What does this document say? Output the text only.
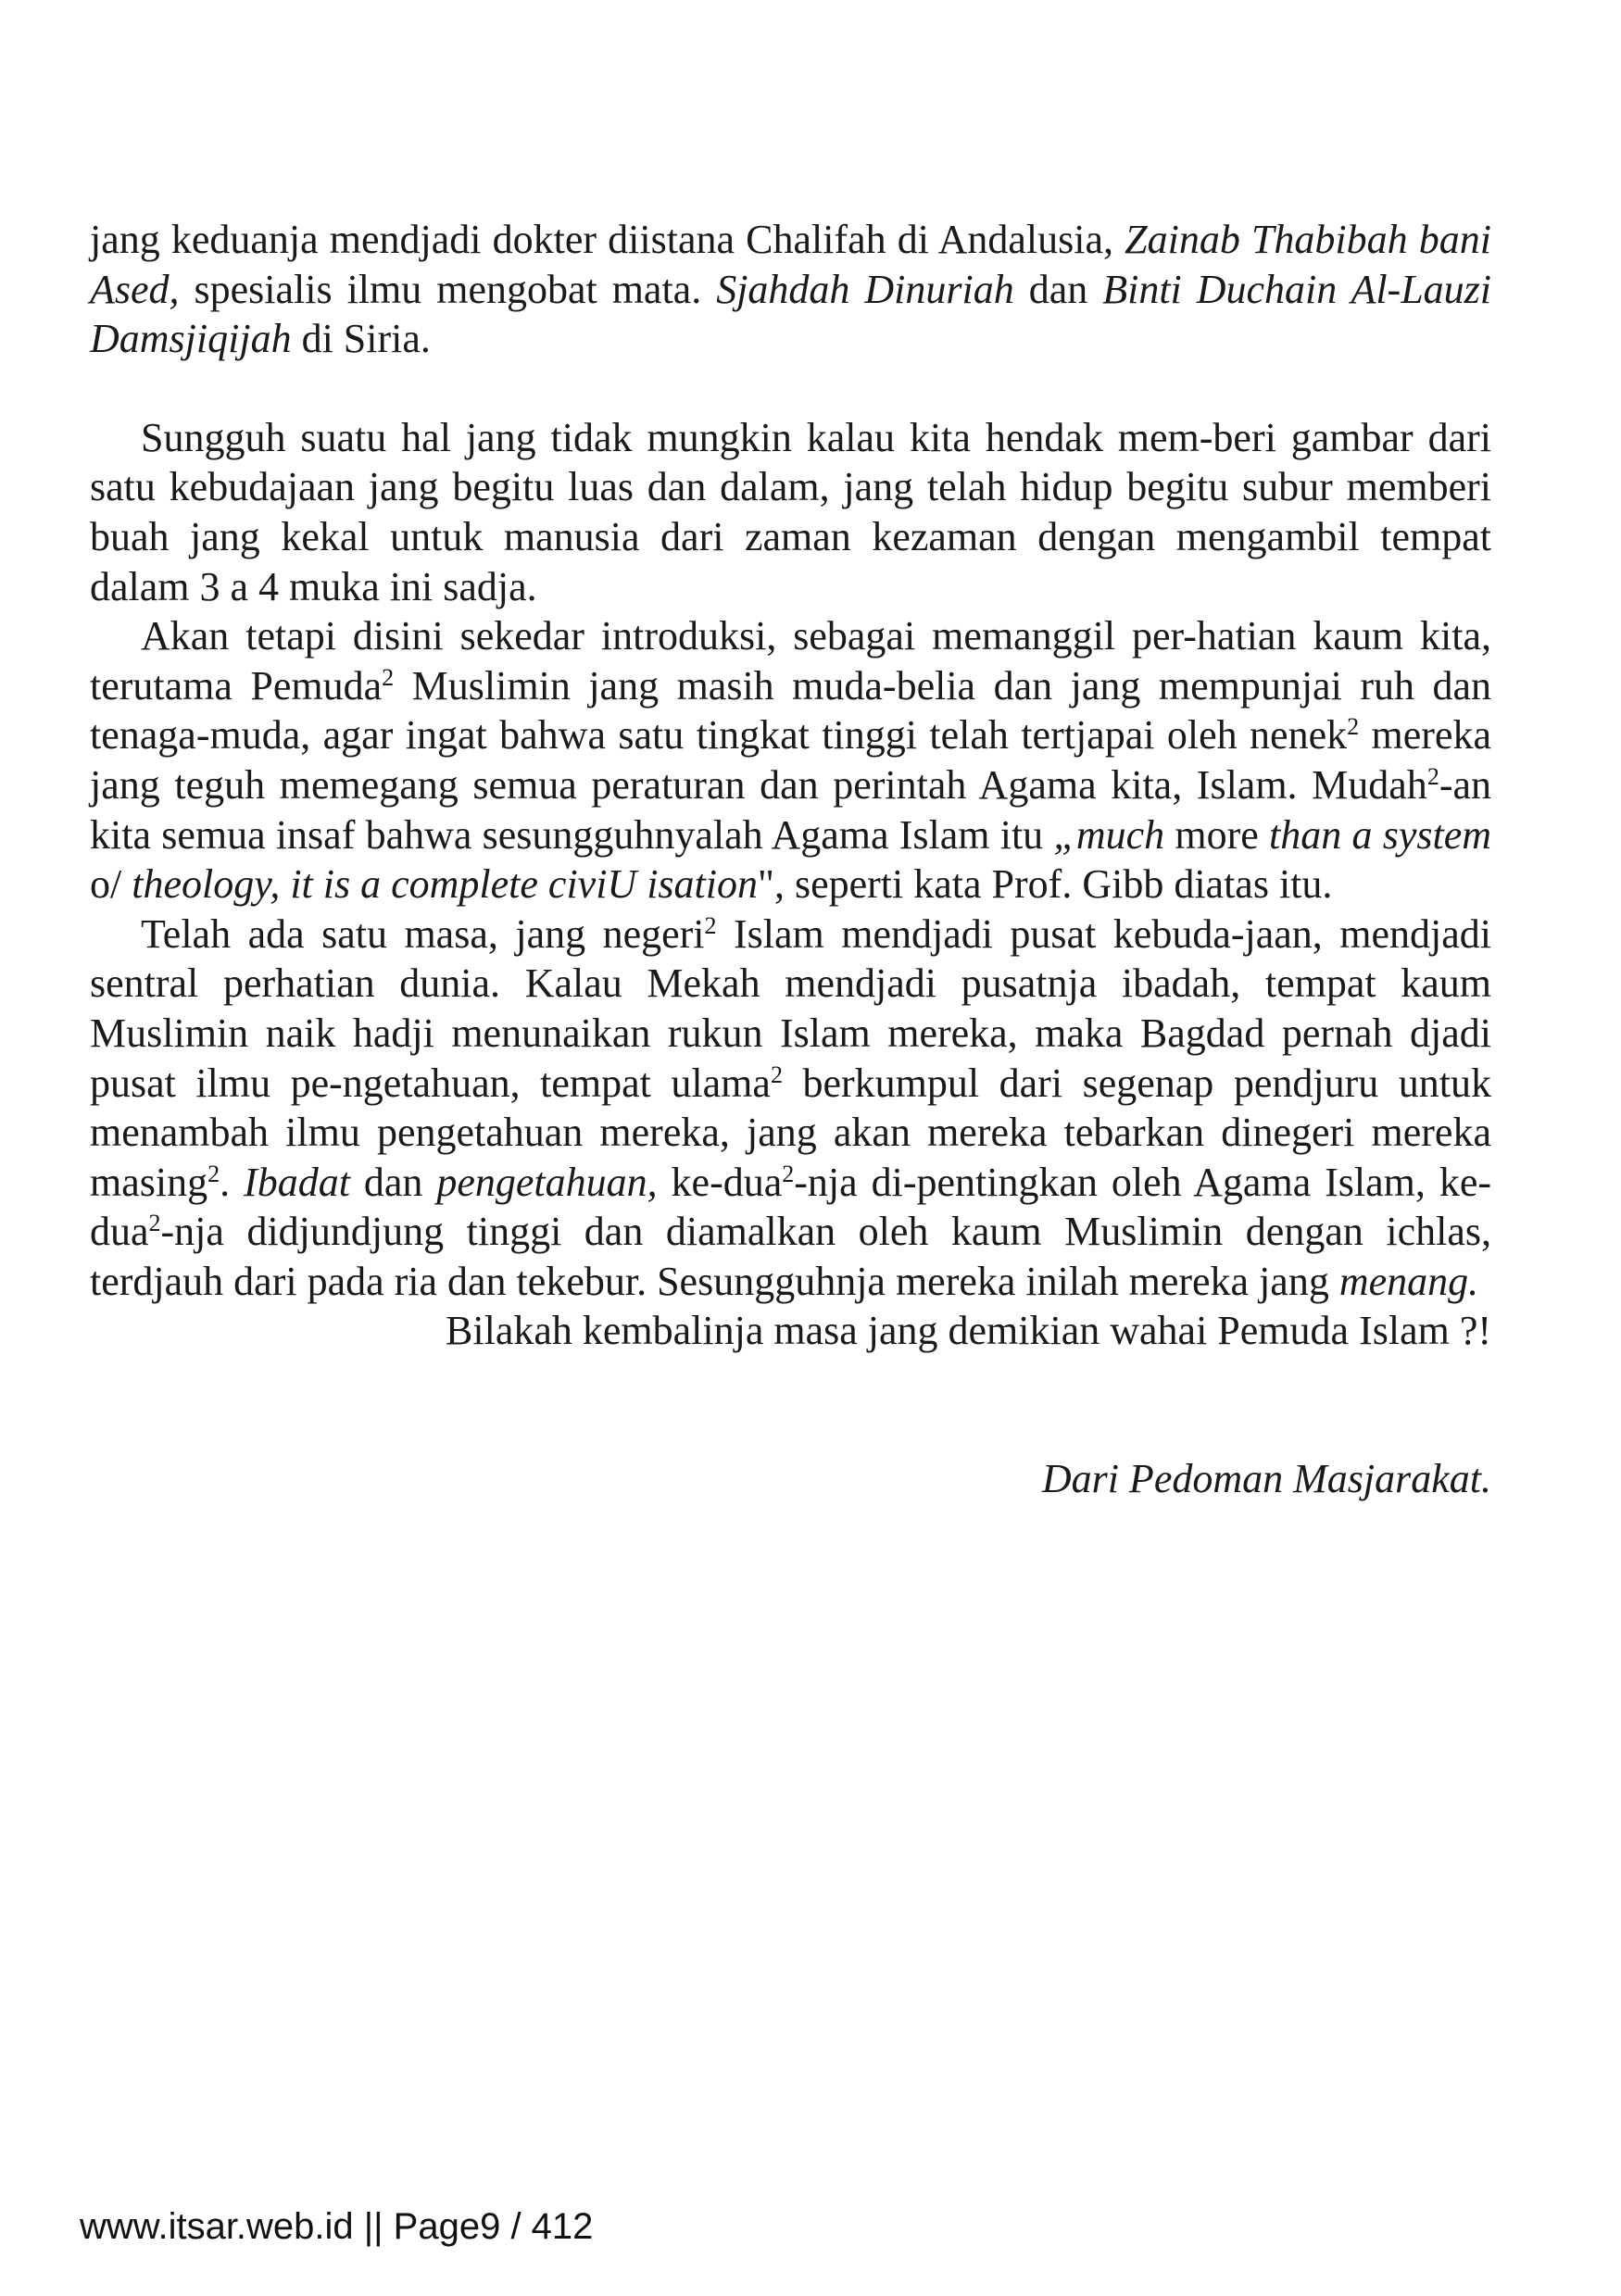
jang keduanja mendjadi dokter diistana Chalifah di Andalusia, Zainab Thabibah bani Ased, spesialis ilmu mengobat mata. Sjahdah Dinuriah dan Binti Duchain Al-Lauzi Damsjiqijah di Siria.

Sungguh suatu hal jang tidak mungkin kalau kita hendak mem-beri gambar dari satu kebudajaan jang begitu luas dan dalam, jang telah hidup begitu subur memberi buah jang kekal untuk manusia dari zaman kezaman dengan mengambil tempat dalam 3 a 4 muka ini sadja.

Akan tetapi disini sekedar introduksi, sebagai memanggil per-hatian kaum kita, terutama Pemuda$^2$ Muslimin jang masih muda-belia dan jang mempunjai ruh dan tenaga-muda, agar ingat bahwa satu tingkat tinggi telah tertjapai oleh nenek$^2$ mereka jang teguh memegang semua peraturan dan perintah Agama kita, Islam. Mudah$^2$-an kita semua insaf bahwa sesungguhnyalah Agama Islam itu „much more than a system o/ theology, it is a complete civiU isation", seperti kata Prof. Gibb diatas itu.

Telah ada satu masa, jang negeri$^2$ Islam mendjadi pusat kebuda-jaan, mendjadi sentral perhatian dunia. Kalau Mekah mendjadi pusatnja ibadah, tempat kaum Muslimin naik hadji menunaikan rukun Islam mereka, maka Bagdad pernah djadi pusat ilmu pe-ngetahuan, tempat ulama$^2$ berkumpul dari segenap pendjuru untuk menambah ilmu pengetahuan mereka, jang akan mereka tebarkan dinegeri mereka masing$^2$. Ibadat dan pengetahuan, ke-dua$^2$-nja di-pentingkan oleh Agama Islam, ke-dua$^2$-nja didjundjung tinggi dan diamalkan oleh kaum Muslimin dengan ichlas, terdjauh dari pada ria dan tekebur. Sesungguhnja mereka inilah mereka jang menang.

Bilakah kembalinja masa jang demikian wahai Pemuda Islam ?!

Dari Pedoman Masjarakat.

www.itsar.web.id || Page9 / 412
